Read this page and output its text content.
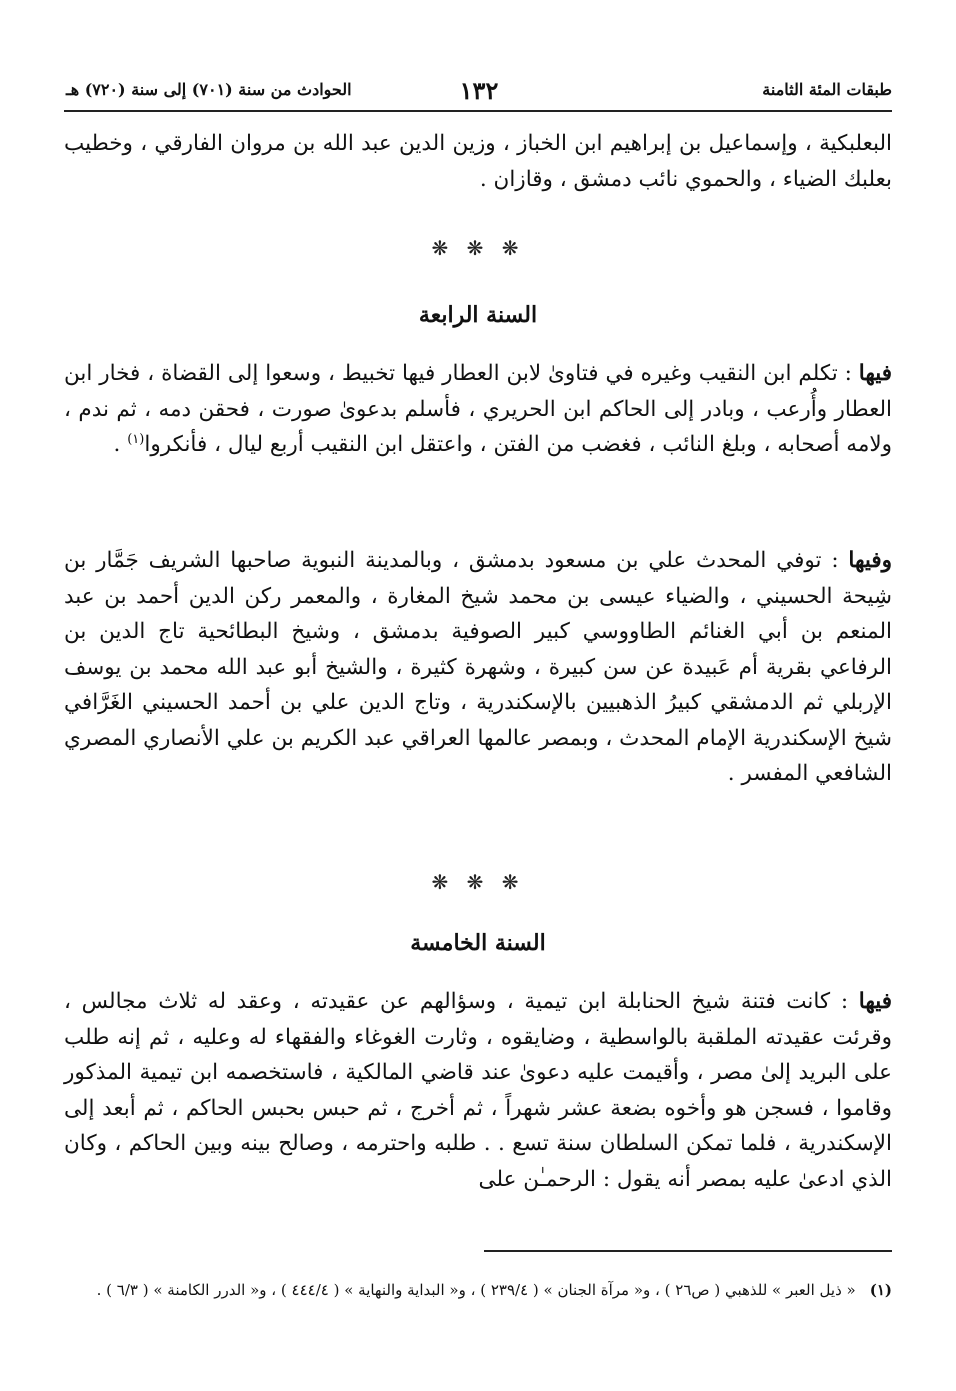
طبقات المئة الثامنة
١٣٢
الحوادث من سنة (٧٠١) إلى سنة (٧٢٠) هـ

البعلبكية ، وإسماعيل بن إبراهيم ابن الخباز ، وزين الدين عبد الله بن مروان الفارقي ، وخطيب بعلبك الضياء ، والحموي نائب دمشق ، وقازان .

❋ ❋ ❋
السنة الرابعة

فيها : تكلم ابن النقيب وغيره في فتاوىٰ لابن العطار فيها تخبيط ، وسعوا إلى القضاة ، فخار ابن العطار وأُرعب ، وبادر إلى الحاكم ابن الحريري ، فأسلم بدعوىٰ صورت ، فحقن دمه ، ثم ندم ، ولامه أصحابه ، وبلغ النائب ، فغضب من الفتن ، واعتقل ابن النقيب أربع ليال ، فأنكروا$^{(١)}$ .

وفيها : توفي المحدث علي بن مسعود بدمشق ، وبالمدينة النبوية صاحبها الشريف جَمَّار بن شِيحة الحسيني ، والضياء عيسى بن محمد شيخ المغارة ، والمعمر ركن الدين أحمد بن عبد المنعم بن أبي الغنائم الطاووسي كبير الصوفية بدمشق ، وشيخ البطائحية تاج الدين بن الرفاعي بقرية أم عَبيدة عن سن كبيرة ، وشهرة كثيرة ، والشيخ أبو عبد الله محمد بن يوسف الإربلي ثم الدمشقي كبيرُ الذهبيين بالإسكندرية ، وتاج الدين علي بن أحمد الحسيني الغَرَّافي شيخ الإسكندرية الإمام المحدث ، وبمصر عالمها العراقي عبد الكريم بن علي الأنصاري المصري الشافعي المفسر .

❋ ❋ ❋
السنة الخامسة

فيها : كانت فتنة شيخ الحنابلة ابن تيمية ، وسؤالهم عن عقيدته ، وعقد له ثلاث مجالس ، وقرئت عقيدته الملقبة بالواسطية ، وضايقوه ، وثارت الغوغاء والفقهاء له وعليه ، ثم إنه طلب على البريد إلىٰ مصر ، وأقيمت عليه دعوىٰ عند قاضي المالكية ، فاستخصمه ابن تيمية المذكور وقاموا ، فسجن هو وأخوه بضعة عشر شهراً ، ثم أخرج ، ثم حبس بحبس الحاكم ، ثم أبعد إلى الإسكندرية ، فلما تمكن السلطان سنة تسع . . طلبه واحترمه ، وصالح بينه وبين الحاكم ، وكان الذي ادعىٰ عليه بمصر أنه يقول : الرحمـٰن على

(١)« ذيل العبر » للذهبي ( ص٢٦ ) ، و« مرآة الجنان » ( ٢٣٩/٤ ) ، و« البداية والنهاية » ( ٤٤٤/٤ ) ، و« الدرر الكامنة » ( ٦/٣ ) .
